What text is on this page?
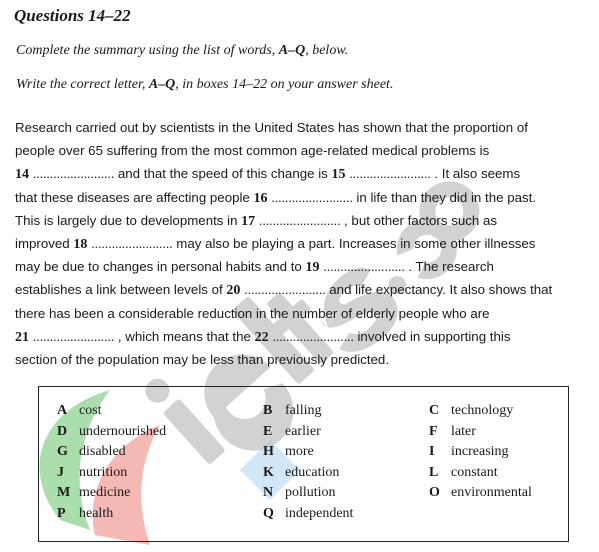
Questions 14–22
Complete the summary using the list of words, A–Q, below.
Write the correct letter, A–Q, in boxes 14–22 on your answer sheet.
Research carried out by scientists in the United States has shown that the proportion of
people over 65 suffering from the most common age-related medical problems is
14 ........................ and that the speed of this change is 15 ........................ . It also seems
that these diseases are affecting people 16 ........................ in life than they did in the past.
This is largely due to developments in 17 ........................ , but other factors such as
improved 18 ........................ may also be playing a part. Increases in some other illnesses
may be due to changes in personal habits and to 19 ........................ . The research
establishes a link between levels of 20 ........................ and life expectancy. It also shows that
there has been a considerable reduction in the number of elderly people who are
21 ........................ , which means that the 22 ........................ involved in supporting this
section of the population may be less than previously predicted.
A cost	B falling	C technology
D undernourished	E earlier	F later
G disabled	H more	I increasing
J nutrition	K education	L constant
M medicine	N pollution	O environmental
P health	Q independent
